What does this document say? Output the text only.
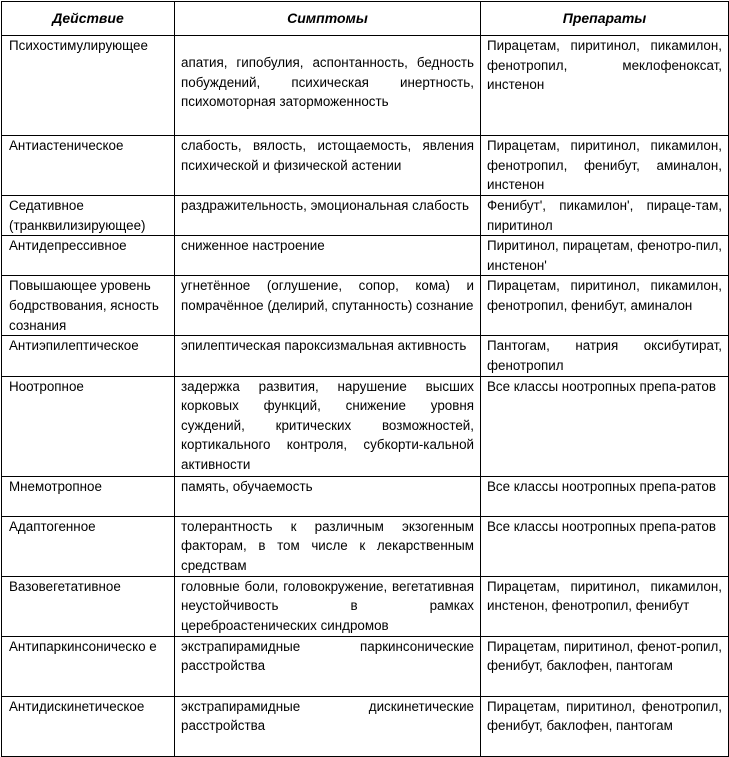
Действие	Симптомы	Препараты
Психостимулирующее	апатия, гипобулия, аспонтанность, бедность побуждений, психическая инертность, психомоторная заторможенность	Пирацетам, пиритинол, пикамилон, фенотропил, меклофеноксат, инстенон
Антиастеническое	слабость, вялость, истощаемость, явления психической и физической астении	Пирацетам, пиритинол, пикамилон, фенотропил, фенибут, аминалон, инстенон
Седативное (транквилизирующее)	раздражительность, эмоциональная слабость	Фенибут', пикамилон', пираце-там, пиритинол
Антидепрессивное	сниженное настроение	Пиритинол, пирацетам, фенотро-пил, инстенон'
Повышающее уровень бодрствования, ясность сознания	угнетённое (оглушение, сопор, кома) и помрачённое (делирий, спутанность) сознание	Пирацетам, пиритинол, пикамилон, фенотропил, фенибут, аминалон
Антиэпилептическое	эпилептическая пароксизмальная активность	Пантогам, натрия оксибутират, фенотропил
Ноотропное	задержка развития, нарушение высших корковых функций, снижение уровня суждений, критических возможностей, кортикального контроля, субкорти-кальной активности	Все классы ноотропных препа-ратов
Мнемотропное	память, обучаемость	Все классы ноотропных препа-ратов
Адаптогенное	толерантность к различным экзогенным факторам, в том числе к лекарственным средствам	Все классы ноотропных препа-ратов
Вазовегетативное	головные боли, головокружение, вегетативная неустойчивость в рамках цереброастенических синдромов	Пирацетам, пиритинол, пикамилон, инстенон, фенотропил, фенибут
Антипаркинсоническо е	экстрапирамидные паркинсонические расстройства	Пирацетам, пиритинол, фенот-ропил, фенибут, баклофен, пантогам
Антидискинетическое	экстрапирамидные дискинетические расстройства	Пирацетам, пиритинол, фенотропил, фенибут, баклофен, пантогам
